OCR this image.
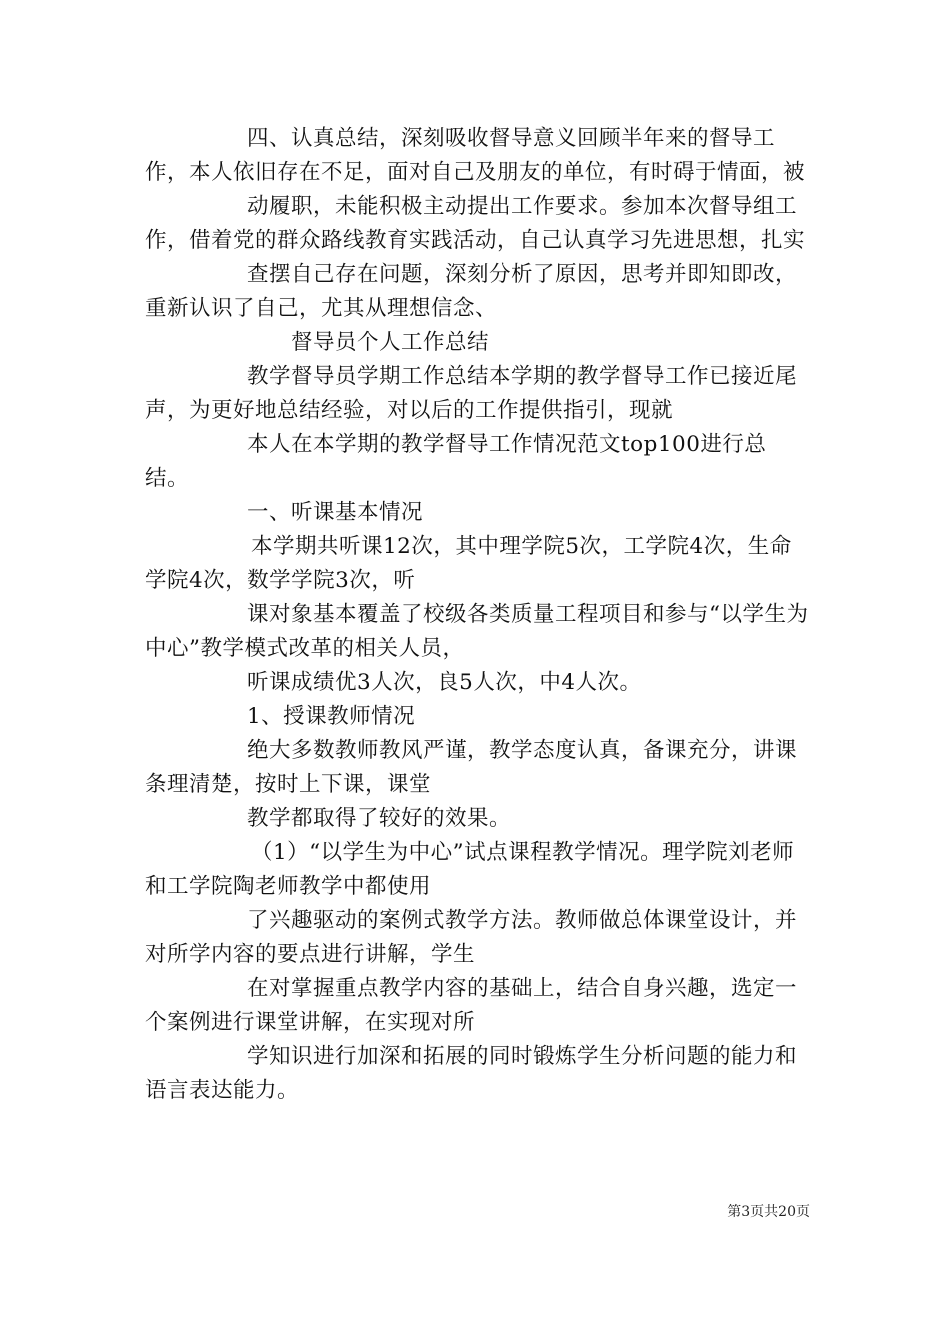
四、认真总结，深刻吸收督导意义回顾半年来的督导工作，本人依旧存在不足，面对自己及朋友的单位，有时碍于情面，被

动履职，未能积极主动提出工作要求。参加本次督导组工作，借着党的群众路线教育实践活动，自己认真学习先进思想，扎实

查摆自己存在问题，深刻分析了原因，思考并即知即改，重新认识了自己，尤其从理想信念、

督导员个人工作总结

教学督导员学期工作总结本学期的教学督导工作已接近尾声，为更好地总结经验，对以后的工作提供指引，现就

本人在本学期的教学督导工作情况范文top100进行总结。

一、听课基本情况

本学期共听课12次，其中理学院5次，工学院4次，生命学院4次，数学学院3次，听

课对象基本覆盖了校级各类质量工程项目和参与“以学生为中心”教学模式改革的相关人员，

听课成绩优3人次，良5人次，中4人次。

1、授课教师情况

绝大多数教师教风严谨，教学态度认真，备课充分，讲课条理清楚，按时上下课，课堂

教学都取得了较好的效果。

（1）“以学生为中心”试点课程教学情况。理学院刘老师和工学院陶老师教学中都使用

了兴趣驱动的案例式教学方法。教师做总体课堂设计，并对所学内容的要点进行讲解，学生

在对掌握重点教学内容的基础上，结合自身兴趣，选定一个案例进行课堂讲解，在实现对所

学知识进行加深和拓展的同时锻炼学生分析问题的能力和语言表达能力。

第3页共20页
